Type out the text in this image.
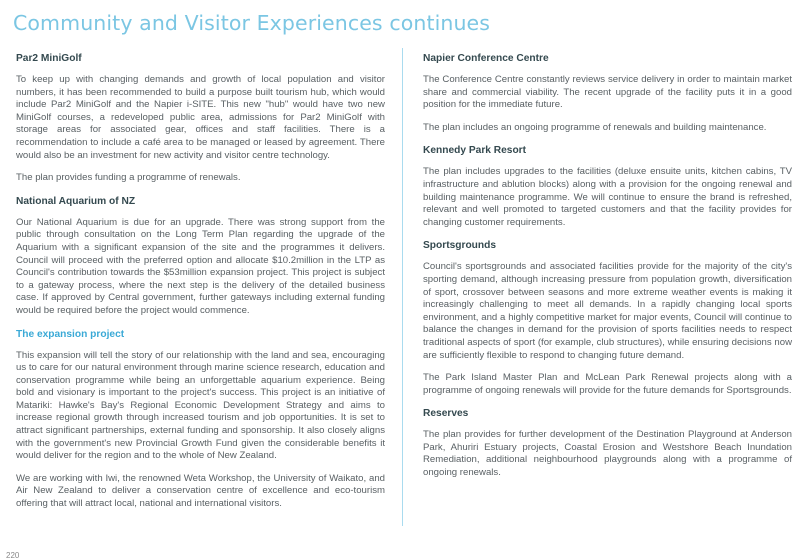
Community and Visitor Experiences continues
Par2 MiniGolf

To keep up with changing demands and growth of local population and visitor numbers, it has been recommended to build a purpose built tourism hub, which would include Par2 MiniGolf and the Napier i-SITE. This new "hub" would have two new MiniGolf courses, a redeveloped public area, admissions for Par2 MiniGolf with storage areas for associated gear, offices and staff facilities. There is a recommendation to include a café area to be managed or leased by agreement. There would also be an investment for new activity and visitor centre technology.

The plan provides funding a programme of renewals.

National Aquarium of NZ

Our National Aquarium is due for an upgrade. There was strong support from the public through consultation on the Long Term Plan regarding the upgrade of the Aquarium with a significant expansion of the site and the programmes it delivers. Council will proceed with the preferred option and allocate $10.2million in the LTP as Council's contribution towards the $53million expansion project. This project is subject to a gateway process, where the next step is the delivery of the detailed business case. If approved by Central government, further gateways including external funding would be required before the project would commence.

The expansion project

This expansion will tell the story of our relationship with the land and sea, encouraging us to care for our natural environment through marine science research, education and conservation programme while being an unforgettable aquarium experience. Being bold and visionary is important to the project's success. This project is an initiative of Matariki: Hawke's Bay's Regional Economic Development Strategy and aims to increase regional growth through increased tourism and job opportunities. It is set to attract significant partnerships, external funding and sponsorship. It also closely aligns with the government's new Provincial Growth Fund given the considerable benefits it would deliver for the region and to the whole of New Zealand.

We are working with Iwi, the renowned Weta Workshop, the University of Waikato, and Air New Zealand to deliver a conservation centre of excellence and eco-tourism offering that will attract local, national and international visitors.

Napier Conference Centre

The Conference Centre constantly reviews service delivery in order to maintain market share and commercial viability. The recent upgrade of the facility puts it in a good position for the immediate future.

The plan includes an ongoing programme of renewals and building maintenance.

Kennedy Park Resort

The plan includes upgrades to the facilities (deluxe ensuite units, kitchen cabins, TV infrastructure and ablution blocks) along with a provision for the ongoing renewal and building maintenance programme. We will continue to ensure the brand is refreshed, relevant and well promoted to targeted customers and that the facility provides for changing customer requirements.

Sportsgrounds

Council's sportsgrounds and associated facilities provide for the majority of the city's sporting demand, although increasing pressure from population growth, diversification of sport, crossover between seasons and more extreme weather events is making it increasingly challenging to meet all demands. In a rapidly changing local sports environment, and a highly competitive market for major events, Council will continue to balance the changes in demand for the provision of sports facilities needs to respect traditional aspects of sport (for example, club structures), while ensuring decisions now are sufficiently flexible to respond to changing future demand.

The Park Island Master Plan and McLean Park Renewal projects along with a programme of ongoing renewals will provide for the future demands for Sportsgrounds.

Reserves

The plan provides for further development of the Destination Playground at Anderson Park, Ahuriri Estuary projects, Coastal Erosion and Westshore Beach Inundation Remediation, additional neighbourhood playgrounds along with a programme of ongoing renewals.

220
